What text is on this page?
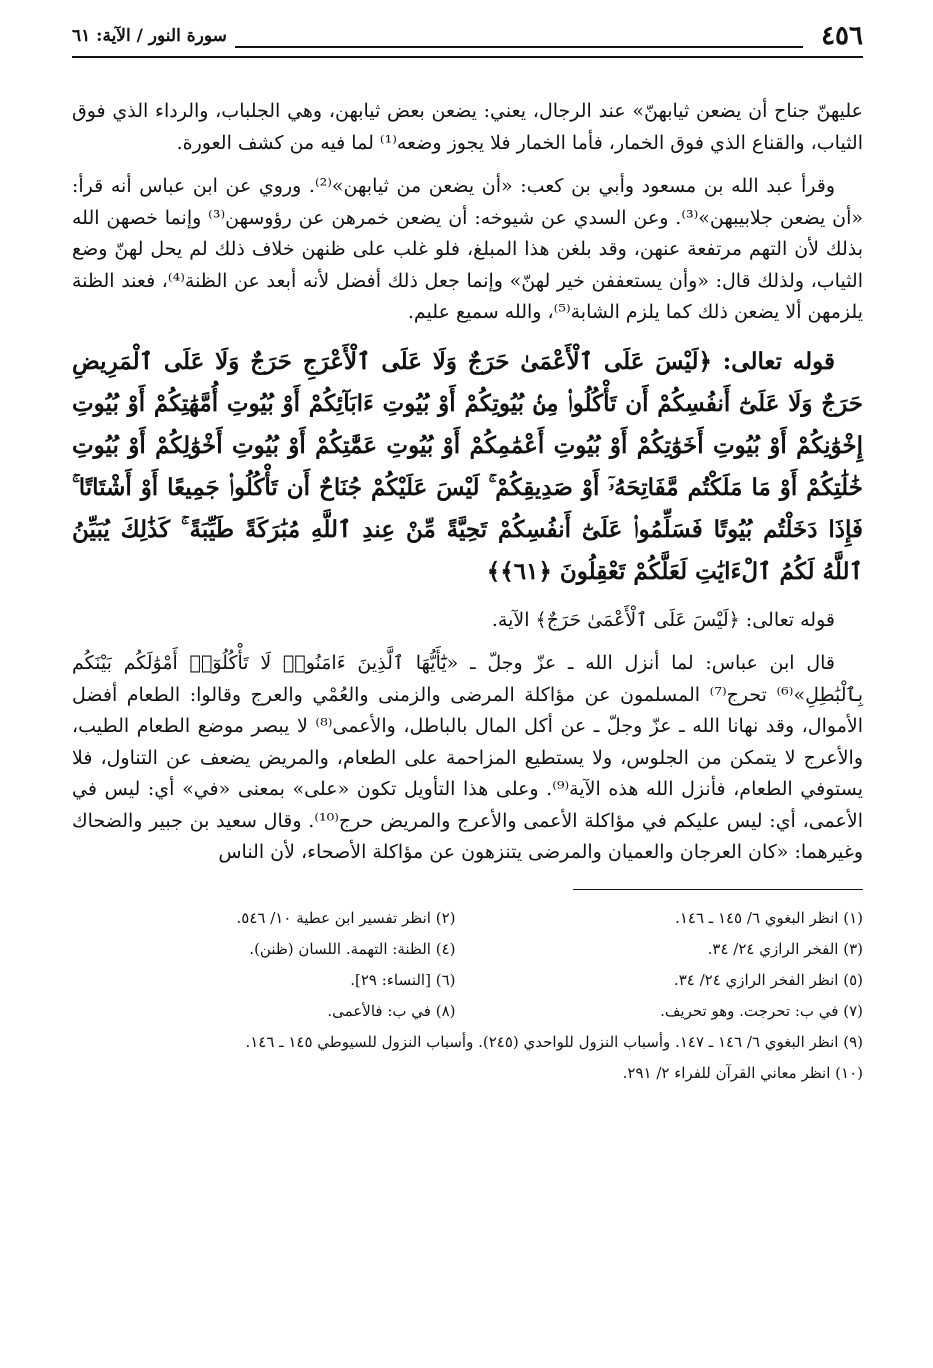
٤٥٦
سورة النور / الآية: ٦١

عليهنّ جناح أن يضعن ثيابهنّ» عند الرجال، يعني: يضعن بعض ثيابهن، وهي الجلباب، والرداء الذي فوق الثياب، والقناع الذي فوق الخمار، فأما الخمار فلا يجوز وضعه⁽¹⁾ لما فيه من كشف العورة.

وقرأ عبد الله بن مسعود وأبي بن كعب: «أن يضعن من ثيابهن»⁽²⁾. وروي عن ابن عباس أنه قرأ: «أن يضعن جلابيبهن»⁽³⁾. وعن السدي عن شيوخه: أن يضعن خمرهن عن رؤوسهن⁽³⁾ وإنما خصهن الله بذلك لأن التهم مرتفعة عنهن، وقد بلغن هذا المبلغ، فلو غلب على ظنهن خلاف ذلك لم يحل لهنّ وضع الثياب، ولذلك قال: «وأن يستعففن خير لهنّ» وإنما جعل ذلك أفضل لأنه أبعد عن الظنة⁽⁴⁾، فعند الظنة يلزمهن ألا يضعن ذلك كما يلزم الشابة⁽⁵⁾، والله سميع عليم.

قوله تعالى: ﴿لَيْسَ عَلَى ٱلْأَعْمَىٰ حَرَجٌ وَلَا عَلَى ٱلْأَعْرَجِ حَرَجٌ وَلَا عَلَى ٱلْمَرِيضِ حَرَجٌ وَلَا عَلَىٰٓ أَنفُسِكُمْ أَن تَأْكُلُوا۟ مِنۢ بُيُوتِكُمْ أَوْ بُيُوتِ ءَابَآئِكُمْ أَوْ بُيُوتِ أُمَّهَٰتِكُمْ أَوْ بُيُوتِ إِخْوَٰنِكُمْ أَوْ بُيُوتِ أَخَوَٰتِكُمْ أَوْ بُيُوتِ أَعْمَٰمِكُمْ أَوْ بُيُوتِ عَمَّٰتِكُمْ أَوْ بُيُوتِ أَخْوَٰلِكُمْ أَوْ بُيُوتِ خَٰلَٰتِكُمْ أَوْ مَا مَلَكْتُم مَّفَاتِحَهُۥٓ أَوْ صَدِيقِكُمْ ۚ لَيْسَ عَلَيْكُمْ جُنَاحٌ أَن تَأْكُلُوا۟ جَمِيعًا أَوْ أَشْتَاتًا ۚ فَإِذَا دَخَلْتُم بُيُوتًا فَسَلِّمُوا۟ عَلَىٰٓ أَنفُسِكُمْ تَحِيَّةً مِّنْ عِندِ ٱللَّهِ مُبَٰرَكَةً طَيِّبَةً ۚ كَذَٰلِكَ يُبَيِّنُ ٱللَّهُ لَكُمُ ٱلْءَايَٰتِ لَعَلَّكُمْ تَعْقِلُونَ ﴿٦١﴾﴾

قوله تعالى: ﴿لَيْسَ عَلَى ٱلْأَعْمَىٰ حَرَجٌ﴾ الآية.

قال ابن عباس: لما أنزل الله ـ عزّ وجلّ ـ «يَٰٓأَيُّهَا ٱلَّذِينَ ءَامَنُوا۟ لَا تَأْكُلُوٓا۟ أَمْوَٰلَكُم بَيْنَكُم بِٱلْبَٰطِلِ»⁽⁶⁾ تحرج⁽⁷⁾ المسلمون عن مؤاكلة المرضى والزمنى والعُمْي والعرج وقالوا: الطعام أفضل الأموال، وقد نهانا الله ـ عزّ وجلّ ـ عن أكل المال بالباطل، والأعمى⁽⁸⁾ لا يبصر موضع الطعام الطيب، والأعرج لا يتمكن من الجلوس، ولا يستطيع المزاحمة على الطعام، والمريض يضعف عن التناول، فلا يستوفي الطعام، فأنزل الله هذه الآية⁽⁹⁾. وعلى هذا التأويل تكون «على» بمعنى «في» أي: ليس في الأعمى، أي: ليس عليكم في مؤاكلة الأعمى والأعرج والمريض حرج⁽¹⁰⁾. وقال سعيد بن جبير والضحاك وغيرهما: «كان العرجان والعميان والمرضى يتنزهون عن مؤاكلة الأصحاء، لأن الناس

(١) انظر البغوي ٦/ ١٤٥ ـ ١٤٦.
(٢) انظر تفسير ابن عطية ١٠/ ٥٤٦.
(٣) الفخر الرازي ٢٤/ ٣٤.
(٤) الظنة: التهمة. اللسان (ظنن).
(٥) انظر الفخر الرازي ٢٤/ ٣٤.
(٦) [النساء: ٢٩].
(٧) في ب: تحرجت. وهو تحريف.
(٨) في ب: فالأعمى.
(٩) انظر البغوي ٦/ ١٤٦ ـ ١٤٧. وأسباب النزول للواحدي (٢٤٥). وأسباب النزول للسيوطي ١٤٥ ـ ١٤٦.
(١٠) انظر معاني القرآن للفراء ٢/ ٢٩١.
